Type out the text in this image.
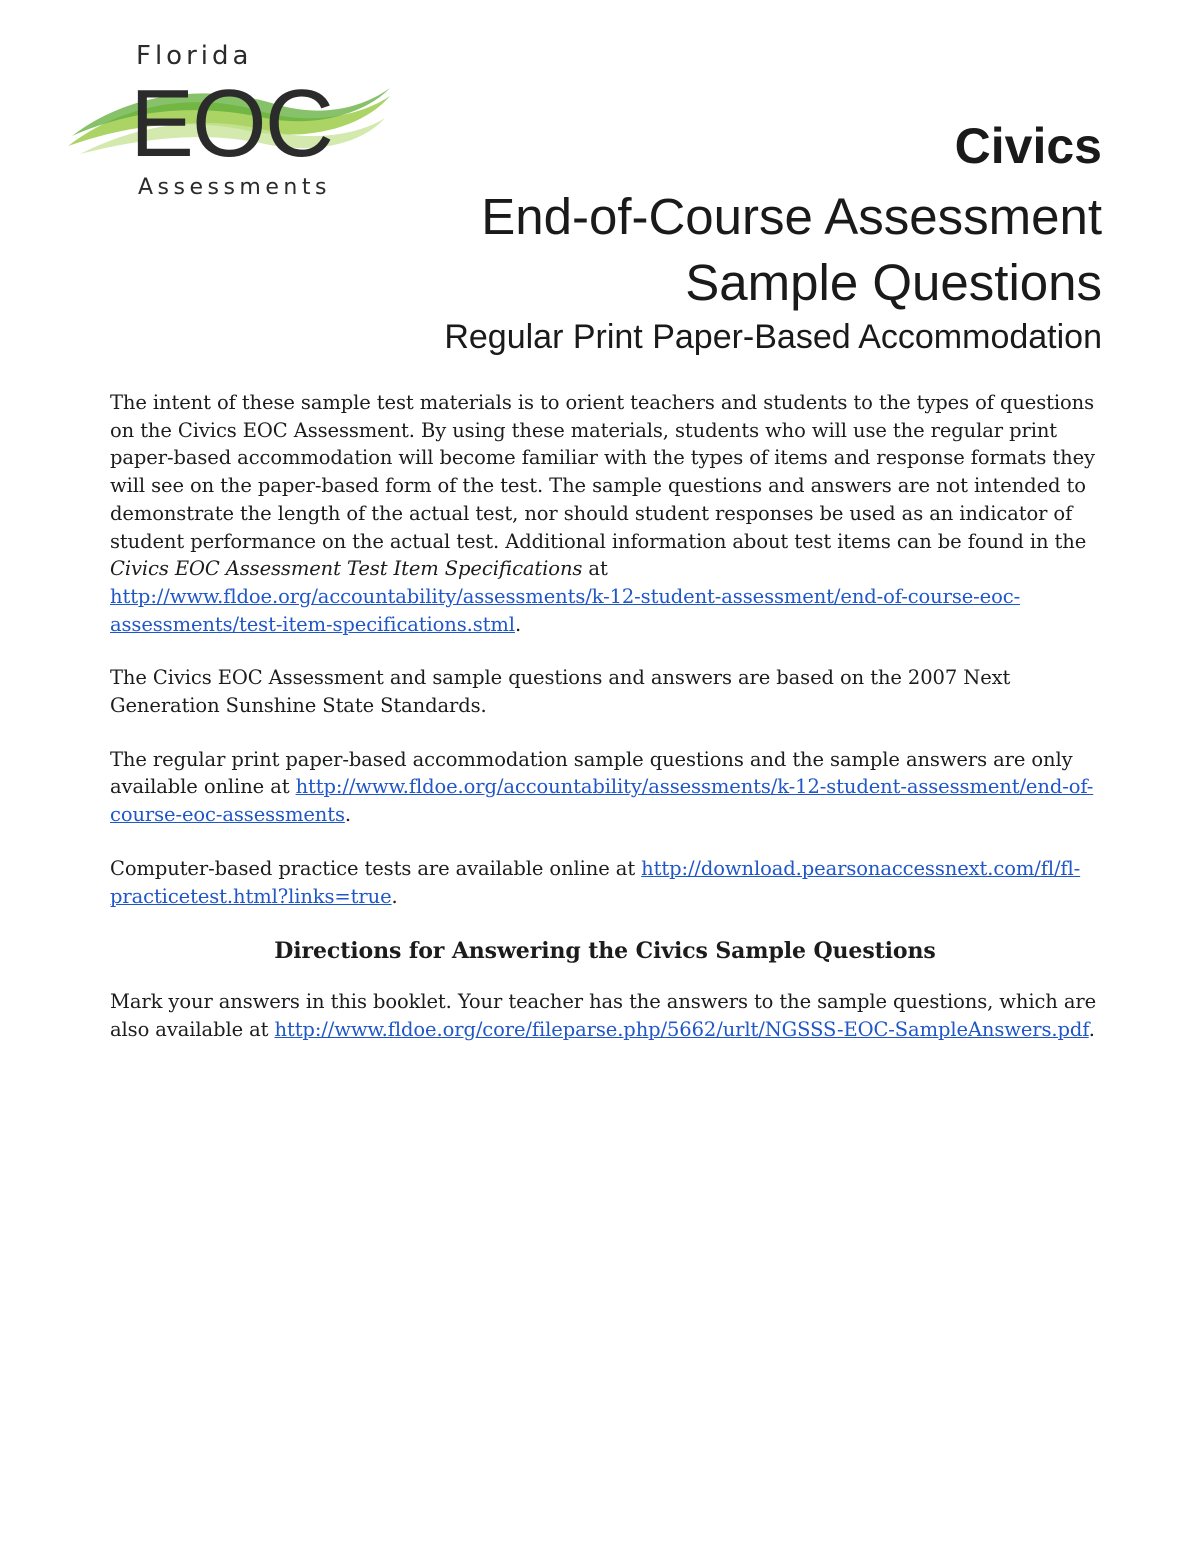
Florida
EOC
Assessments
Civics
End-of-Course Assessment
Sample Questions
Regular Print Paper-Based Accommodation

The intent of these sample test materials is to orient teachers and students to the types of questions on the Civics EOC Assessment. By using these materials, students who will use the regular print paper-based accommodation will become familiar with the types of items and response formats they will see on the paper-based form of the test. The sample questions and answers are not intended to demonstrate the length of the actual test, nor should student responses be used as an indicator of student performance on the actual test. Additional information about test items can be found in the Civics EOC Assessment Test Item Specifications at http://www.fldoe.org/accountability/assessments/k-12-student-assessment/end-of-course-eoc-assessments/test-item-specifications.stml.

The Civics EOC Assessment and sample questions and answers are based on the 2007 Next Generation Sunshine State Standards.

The regular print paper-based accommodation sample questions and the sample answers are only available online at http://www.fldoe.org/accountability/assessments/k-12-student-assessment/end-of-course-eoc-assessments.

Computer-based practice tests are available online at http://download.pearsonaccessnext.com/fl/fl-practicetest.html?links=true.

Directions for Answering the Civics Sample Questions

Mark your answers in this booklet. Your teacher has the answers to the sample questions, which are also available at http://www.fldoe.org/core/fileparse.php/5662/urlt/NGSSS-EOC-SampleAnswers.pdf.
